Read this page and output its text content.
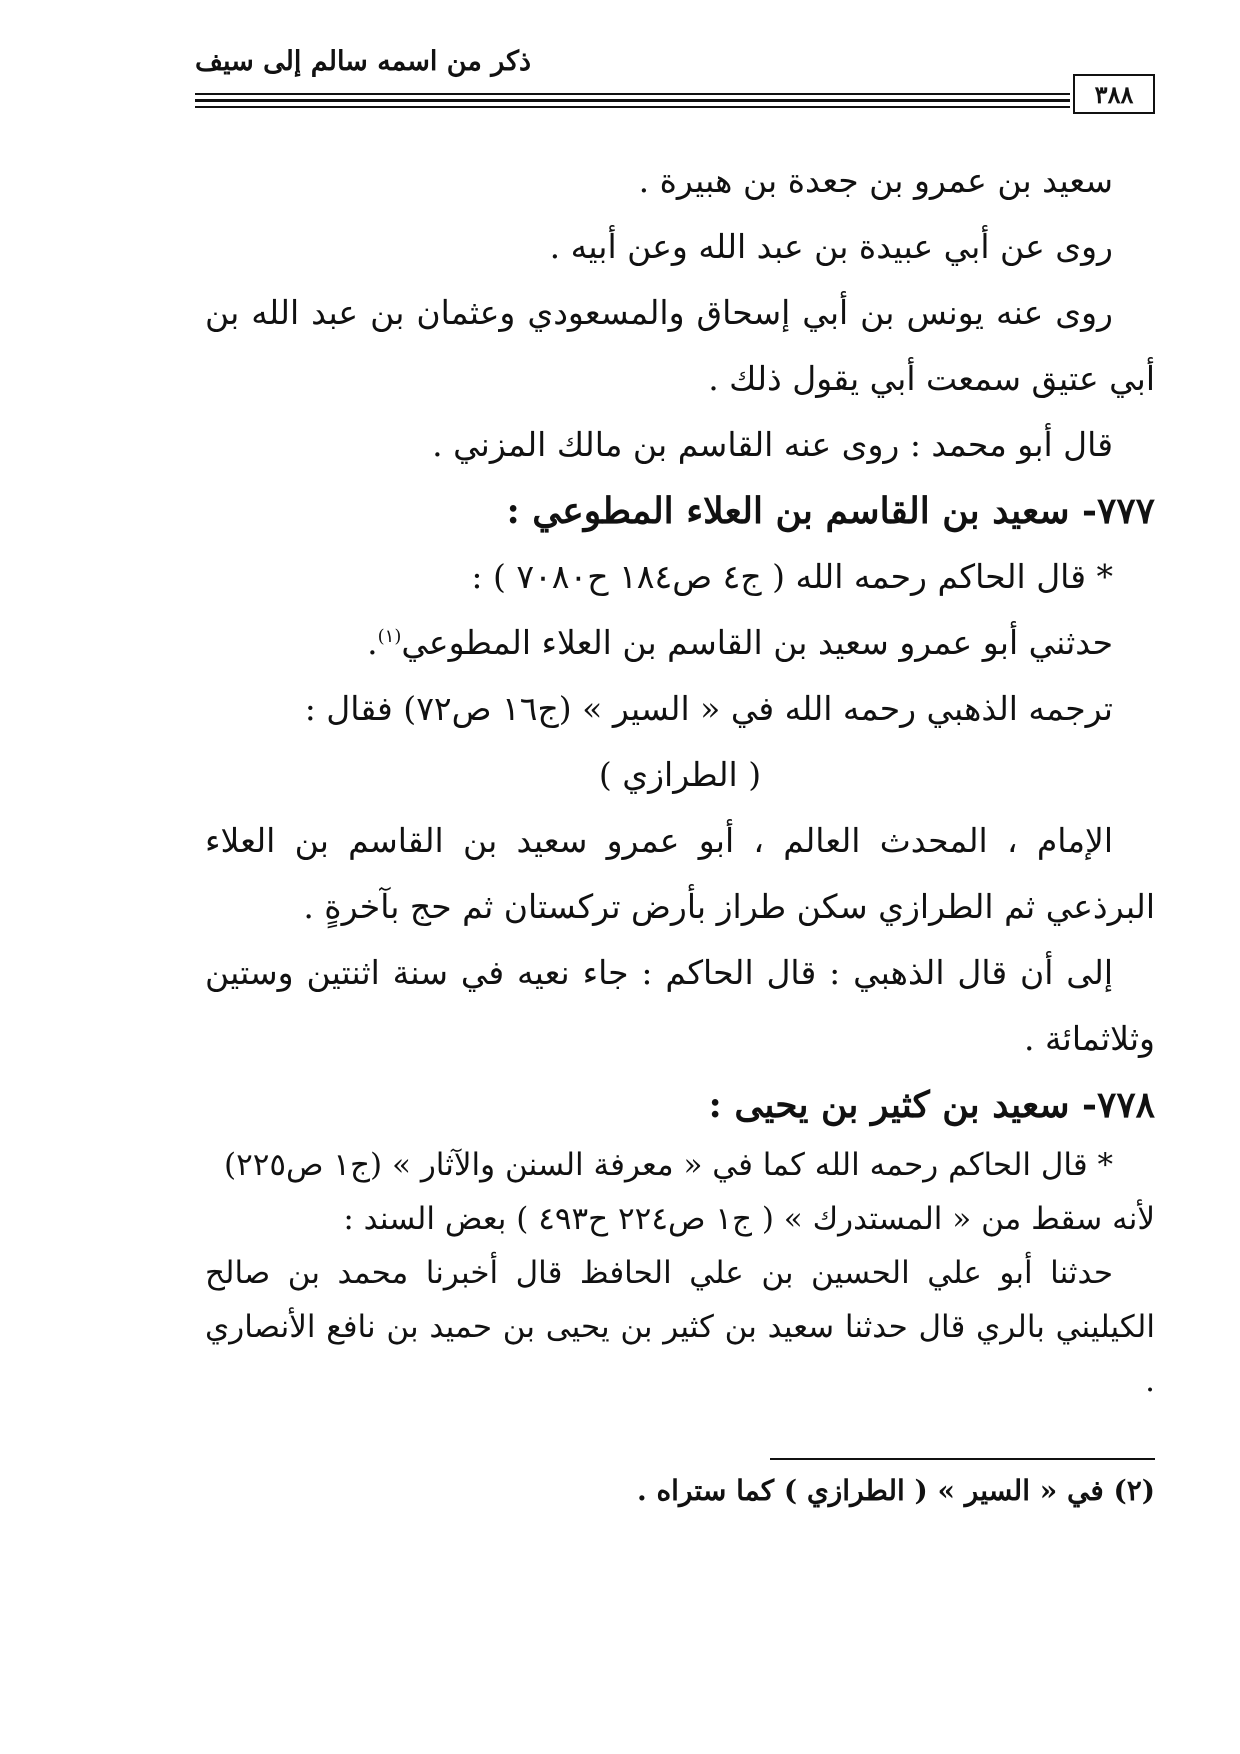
ذكر من اسمه سالم إلى سيف
٣٨٨

سعيد بن عمرو بن جعدة بن هبيرة .

روى عن أبي عبيدة بن عبد الله وعن أبيه .

روى عنه يونس بن أبي إسحاق والمسعودي وعثمان بن عبد الله بن أبي عتيق سمعت أبي يقول ذلك .

قال أبو محمد : روى عنه القاسم بن مالك المزني .

٧٧٧- سعيد بن القاسم بن العلاء المطوعي :

* قال الحاكم رحمه الله ( ج٤ ص١٨٤ ح٧٠٨٠ ) :

حدثني أبو عمرو سعيد بن القاسم بن العلاء المطوعي$^{(١)}$.

ترجمه الذهبي رحمه الله في « السير » (ج١٦ ص٧٢) فقال :

( الطرازي )

الإمام ، المحدث العالم ، أبو عمرو سعيد بن القاسم بن العلاء البرذعي ثم الطرازي سكن طراز بأرض تركستان ثم حج بآخرةٍ .

إلى أن قال الذهبي : قال الحاكم : جاء نعيه في سنة اثنتين وستين وثلاثمائة .

٧٧٨- سعيد بن كثير بن يحيى :

* قال الحاكم رحمه الله كما في « معرفة السنن والآثار » (ج١ ص٢٢٥)

لأنه سقط من « المستدرك » ( ج١ ص٢٢٤ ح٤٩٣ ) بعض السند :

حدثنا أبو علي الحسين بن علي الحافظ قال أخبرنا محمد بن صالح الكيليني بالري قال حدثنا سعيد بن كثير بن يحيى بن حميد بن نافع الأنصاري .

(٢) في « السير » ( الطرازي ) كما ستراه .
